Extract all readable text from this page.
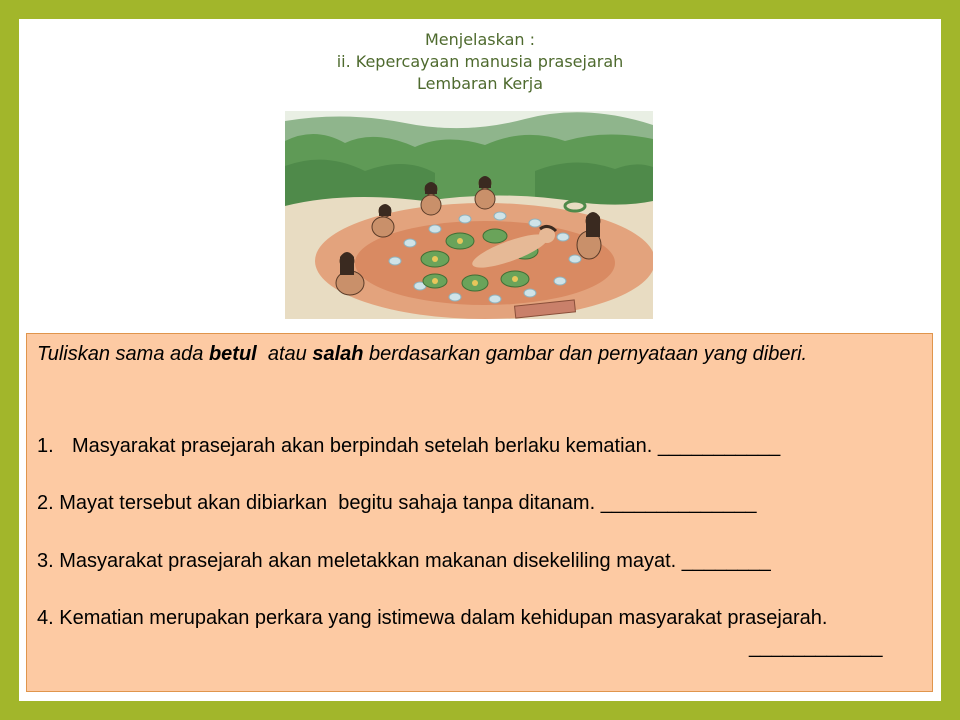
Menjelaskan :
ii. Kepercayaan manusia prasejarah
Lembaran Kerja

Tuliskan sama ada betul  atau salah berdasarkan gambar dan pernyataan yang diberi.

1. Masyarakat prasejarah akan berpindah setelah berlaku kematian. ___________
2. Mayat tersebut akan dibiarkan  begitu sahaja tanpa ditanam. ______________
3. Masyarakat prasejarah akan meletakkan makanan disekeliling mayat. ________
4. Kematian merupakan perkara yang istimewa dalam kehidupan masyarakat prasejarah.
____________
